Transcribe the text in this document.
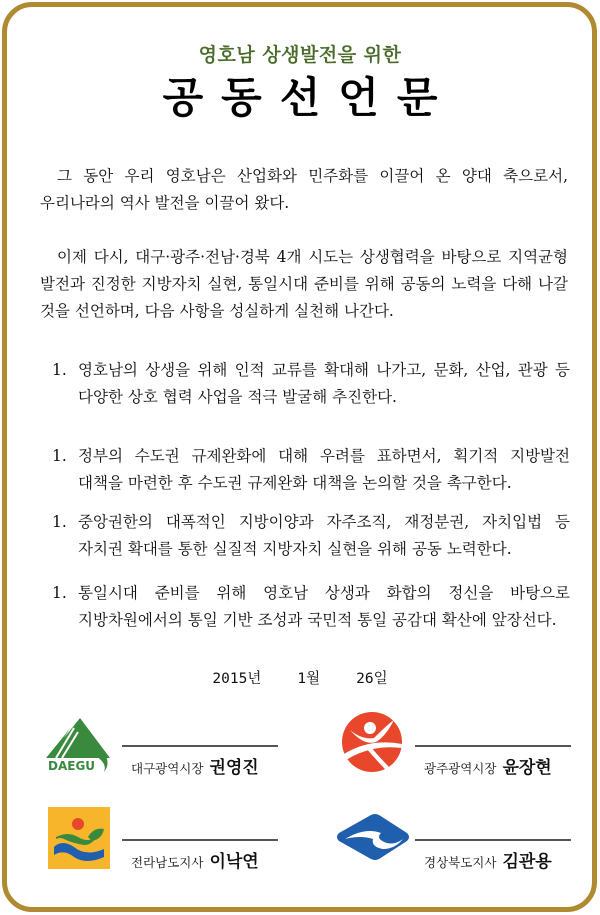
영호남 상생발전을 위한
공동선언문
그 동안 우리 영호남은 산업화와 민주화를 이끌어 온 양대 축으로서, 우리나라의 역사 발전을 이끌어 왔다.
이제 다시, 대구·광주·전남·경북 4개 시도는 상생협력을 바탕으로 지역균형 발전과 진정한 지방자치 실현, 통일시대 준비를 위해 공동의 노력을 다해 나갈 것을 선언하며, 다음 사항을 성실하게 실천해 나간다.
1. 영호남의 상생을 위해 인적 교류를 확대해 나가고, 문화, 산업, 관광 등 다양한 상호 협력 사업을 적극 발굴해 추진한다.
1. 정부의 수도권 규제완화에 대해 우려를 표하면서, 획기적 지방발전 대책을 마련한 후 수도권 규제완화 대책을 논의할 것을 촉구한다.
1. 중앙권한의 대폭적인 지방이양과 자주조직, 재정분권, 자치입법 등 자치권 확대를 통한 실질적 지방자치 실현을 위해 공동 노력한다.
1. 통일시대 준비를 위해 영호남 상생과 화합의 정신을 바탕으로 지방차원에서의 통일 기반 조성과 국민적 통일 공감대 확산에 앞장선다.
2015년 1월 26일
DAEGU	대구광역시장 권영진	광주광역시장 윤장현
전라남도지사 이낙연	경상북도지사 김관용
